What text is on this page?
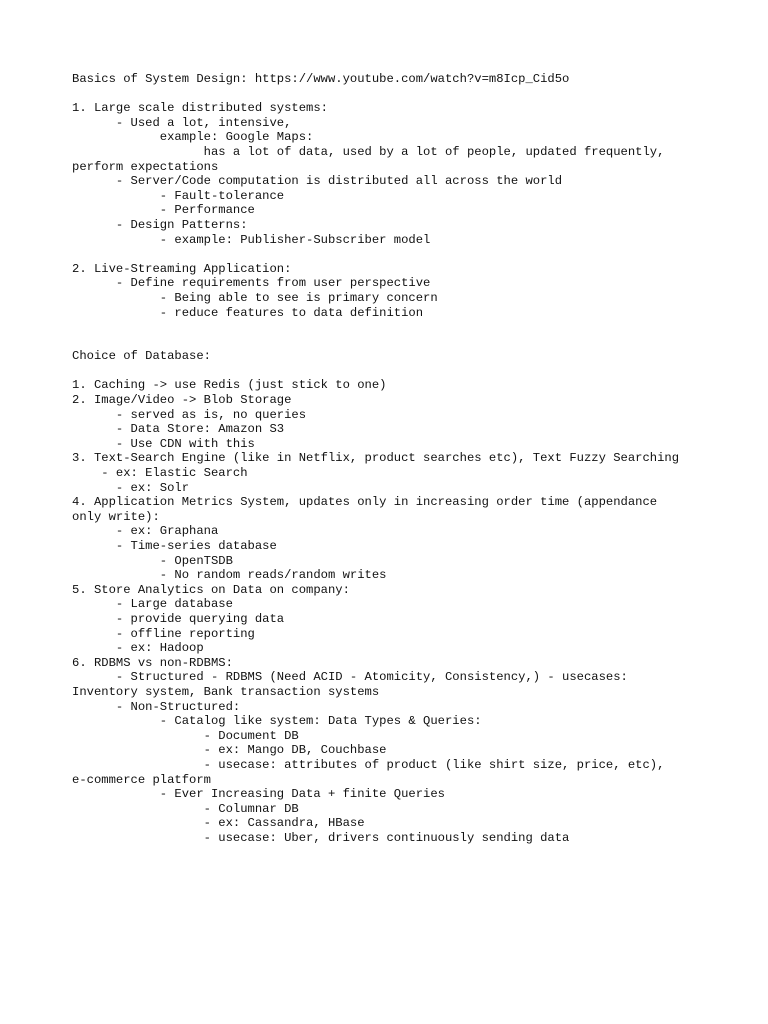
Basics of System Design: https://www.youtube.com/watch?v=m8Icp_Cid5o
1. Large scale distributed systems:
- Used a lot, intensive,
example: Google Maps:
has a lot of data, used by a lot of people, updated frequently,
perform expectations
- Server/Code computation is distributed all across the world
- Fault-tolerance
- Performance
- Design Patterns:
- example: Publisher-Subscriber model
2. Live-Streaming Application:
- Define requirements from user perspective
- Being able to see is primary concern
- reduce features to data definition
Choice of Database:
1. Caching -> use Redis (just stick to one)
2. Image/Video -> Blob Storage
- served as is, no queries
- Data Store: Amazon S3
- Use CDN with this
3. Text-Search Engine (like in Netflix, product searches etc), Text Fuzzy Searching
- ex: Elastic Search
- ex: Solr
4. Application Metrics System, updates only in increasing order time (appendance
only write):
- ex: Graphana
- Time-series database
- OpenTSDB
- No random reads/random writes
5. Store Analytics on Data on company:
- Large database
- provide querying data
- offline reporting
- ex: Hadoop
6. RDBMS vs non-RDBMS:
- Structured - RDBMS (Need ACID - Atomicity, Consistency,) - usecases:
Inventory system, Bank transaction systems
- Non-Structured:
- Catalog like system: Data Types & Queries:
- Document DB
- ex: Mango DB, Couchbase
- usecase: attributes of product (like shirt size, price, etc),
e-commerce platform
- Ever Increasing Data + finite Queries
- Columnar DB
- ex: Cassandra, HBase
- usecase: Uber, drivers continuously sending data
